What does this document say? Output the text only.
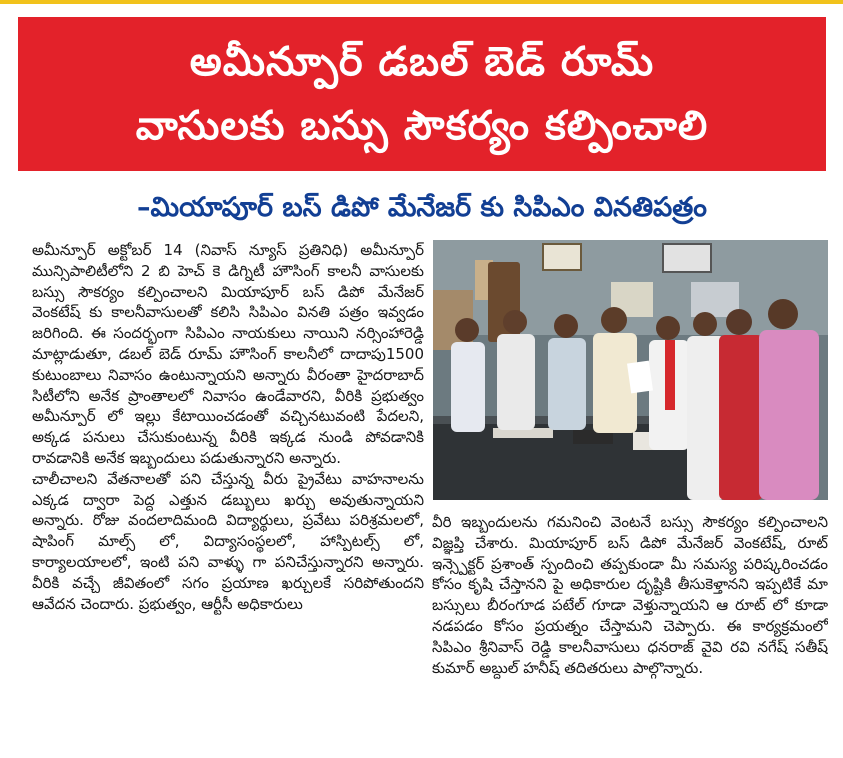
అమీన్పూర్ డబల్ బెడ్ రూమ్
వాసులకు బస్సు సౌకర్యం కల్పించాలి
–మియాపూర్ బస్ డిపో మేనేజర్ కు సిపిఎం వినతిపత్రం

అమీన్పూర్ అక్టోబర్ 14 (నివాస్ న్యూస్ ప్రతినిధి) అమీన్పూర్ మున్సిపాలిటీలోని 2 బి హెచ్ కె డిగ్నిటీ హౌసింగ్ కాలనీ వాసులకు బస్సు సౌకర్యం కల్పించాలని మియాపూర్ బస్ డిపో మేనేజర్ వెంకటేష్ కు కాలనీవాసులతో కలిసి సిపిఎం వినతి పత్రం ఇవ్వడం జరిగింది. ఈ సందర్భంగా సిపిఎం నాయకులు నాయిని నర్సింహారెడ్డి మాట్లాడుతూ, డబల్ బెడ్ రూమ్ హౌసింగ్ కాలనీలో దాదాపు1500 కుటుంబాలు నివాసం ఉంటున్నాయని అన్నారు వీరంతా హైదరాబాద్ సిటీలోని అనేక ప్రాంతాలలో నివాసం ఉండేవారని, వీరికి ప్రభుత్వం అమీన్పూర్ లో ఇల్లు కేటాయించడంతో వచ్చినటువంటి పేదలని, అక్కడ పనులు చేసుకుంటున్న వీరికి ఇక్కడ నుండి పోవడానికి రావడానికి అనేక ఇబ్బందులు పడుతున్నారని అన్నారు.

చాలీచాలని వేతనాలతో పని చేస్తున్న వీరు ప్రైవేటు వాహనాలను ఎక్కడ ద్వారా పెద్ద ఎత్తున డబ్బులు ఖర్చు అవుతున్నాయని అన్నారు. రోజు వందలాదిమంది విద్యార్థులు, ప్రవేటు పరిశ్రమలలో, షాపింగ్ మాల్స్ లో, విద్యాసంస్థలలో, హాస్పిటల్స్ లో, కార్యాలయాలలో, ఇంటి పని వాళ్ళు గా పనిచేస్తున్నారని అన్నారు. వీరికి వచ్చే జీవితంలో సగం ప్రయాణ ఖర్చులకే సరిపోతుందని ఆవేదన చెందారు. ప్రభుత్వం, ఆర్టీసీ అధికారులు

వీరి ఇబ్బందులను గమనించి వెంటనే బస్సు సౌకర్యం కల్పించాలని విజ్ఞప్తి చేశారు. మియాపూర్ బస్ డిపో మేనేజర్ వెంకటేష్, రూట్ ఇన్స్పెక్టర్ ప్రశాంత్ స్పందించి తప్పకుండా మీ సమస్య పరిష్కరించడం కోసం కృషి చేస్తానని పై అధికారుల దృష్టికి తీసుకెళ్తానని ఇప్పటికే మా బస్సులు బీరంగూడ పటేల్ గూడా వెళ్తున్నాయని ఆ రూట్ లో కూడా నడపడం కోసం ప్రయత్నం చేస్తామని చెప్పారు. ఈ కార్యక్రమంలో సిపిఎం శ్రీనివాస్ రెడ్డి కాలనీవాసులు ధనరాజ్ వైవి రవి నగేష్ సతీష్ కుమార్ అబ్దుల్ హనీష్ తదితరులు పాల్గొన్నారు.
